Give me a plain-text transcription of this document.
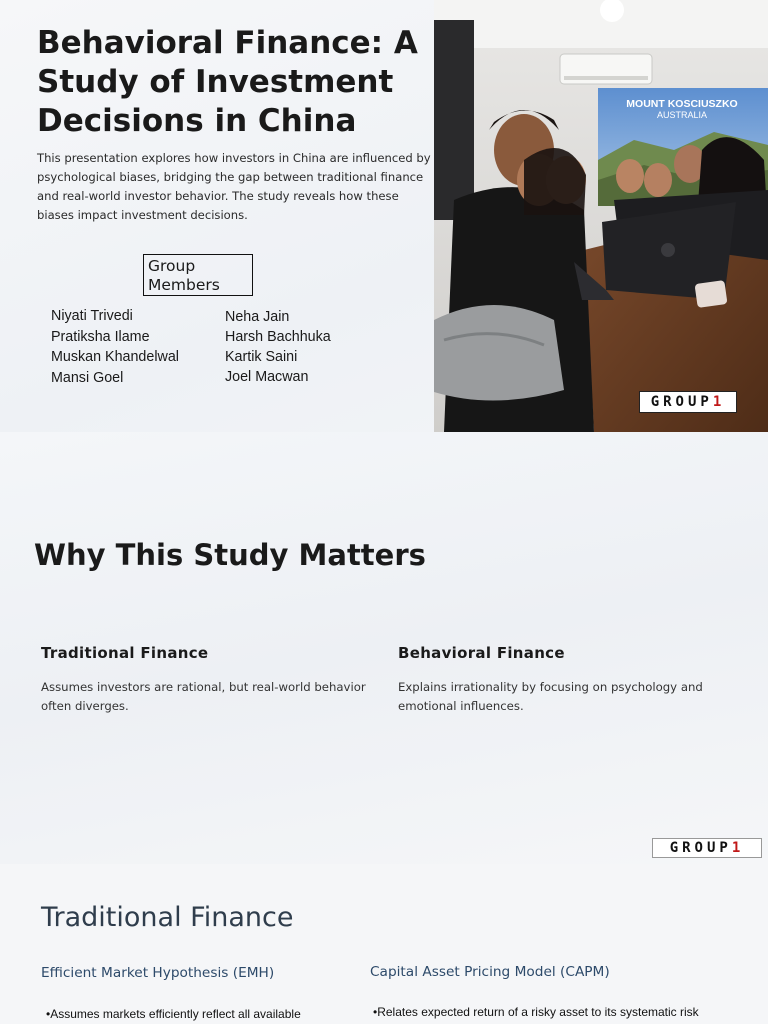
Behavioral Finance: A Study of Investment Decisions in China

This presentation explores how investors in China are influenced by psychological biases, bridging the gap between traditional finance and real-world investor behavior. The study reveals how these biases impact investment decisions.

Group Members
Niyati Trivedi
Pratiksha Ilame
Muskan Khandelwal
Mansi Goel
Neha Jain
Harsh Bachhuka
Kartik Saini
Joel Macwan
MOUNT KOSCIUSZKO
AUSTRALIA
GROUP 1
Why This Study Matters
Traditional Finance

Assumes investors are rational, but real-world behavior often diverges.

Behavioral Finance

Explains irrationality by focusing on psychology and emotional influences.

GROUP 1
Traditional Finance
Efficient Market Hypothesis (EMH)	Capital Asset Pricing Model (CAPM)

•Assumes markets efficiently reflect all available	•Relates expected return of a risky asset to its systematic risk
